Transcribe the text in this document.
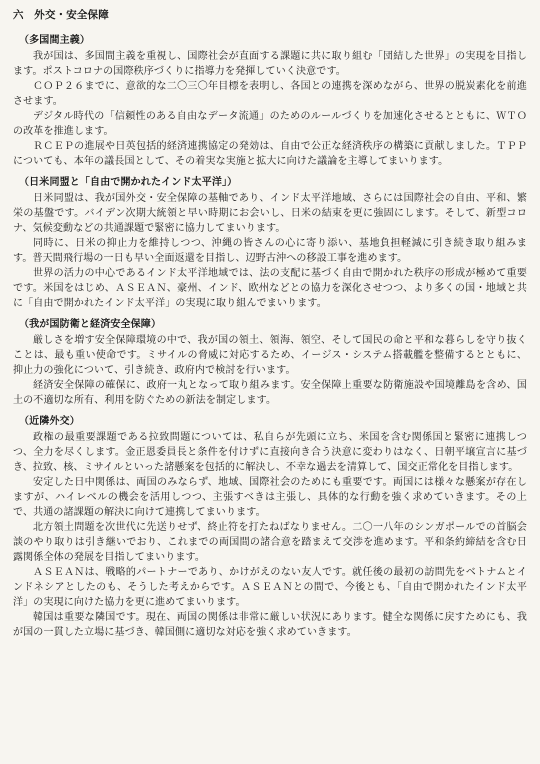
六　外交・安全保障
（多国間主義）

我が国は、多国間主義を重視し、国際社会が直面する課題に共に取り組む「団結した世界」の実現を目指します。ポストコロナの国際秩序づくりに指導力を発揮していく決意です。

ＣＯＰ２６までに、意欲的な二〇三〇年目標を表明し、各国との連携を深めながら、世界の脱炭素化を前進させます。

デジタル時代の「信頼性のある自由なデータ流通」のためのルールづくりを加速化させるとともに、ＷＴＯの改革を推進します。

ＲＣＥＰの進展や日英包括的経済連携協定の発効は、自由で公正な経済秩序の構築に貢献しました。ＴＰＰについても、本年の議長国として、その着実な実施と拡大に向けた議論を主導してまいります。

（日米同盟と「自由で開かれたインド太平洋」）

日米同盟は、我が国外交・安全保障の基軸であり、インド太平洋地域、さらには国際社会の自由、平和、繁栄の基盤です。バイデン次期大統領と早い時期にお会いし、日米の結束を更に強固にします。そして、新型コロナ、気候変動などの共通課題で緊密に協力してまいります。

同時に、日米の抑止力を維持しつつ、沖縄の皆さんの心に寄り添い、基地負担軽減に引き続き取り組みます。普天間飛行場の一日も早い全面返還を目指し、辺野古沖への移設工事を進めます。

世界の活力の中心であるインド太平洋地域では、法の支配に基づく自由で開かれた秩序の形成が極めて重要です。米国をはじめ、ＡＳＥＡＮ、豪州、インド、欧州などとの協力を深化させつつ、より多くの国・地域と共に「自由で開かれたインド太平洋」の実現に取り組んでまいります。

（我が国防衛と経済安全保障）

厳しさを増す安全保障環境の中で、我が国の領土、領海、領空、そして国民の命と平和な暮らしを守り抜くことは、最も重い使命です。ミサイルの脅威に対応するため、イージス・システム搭載艦を整備するとともに、抑止力の強化について、引き続き、政府内で検討を行います。

経済安全保障の確保に、政府一丸となって取り組みます。安全保障上重要な防衛施設や国境離島を含め、国土の不適切な所有、利用を防ぐための新法を制定します。

（近隣外交）

政権の最重要課題である拉致問題については、私自らが先頭に立ち、米国を含む関係国と緊密に連携しつつ、全力を尽くします。金正恩委員長と条件を付けずに直接向き合う決意に変わりはなく、日朝平壌宣言に基づき、拉致、核、ミサイルといった諸懸案を包括的に解決し、不幸な過去を清算して、国交正常化を目指します。

安定した日中関係は、両国のみならず、地域、国際社会のためにも重要です。両国には様々な懸案が存在しますが、ハイレベルの機会を活用しつつ、主張すべきは主張し、具体的な行動を強く求めていきます。その上で、共通の諸課題の解決に向けて連携してまいります。

北方領土問題を次世代に先送りせず、終止符を打たねばなりません。二〇一八年のシンガポールでの首脳会談のやり取りは引き継いでおり、これまでの両国間の諸合意を踏まえて交渉を進めます。平和条約締結を含む日露関係全体の発展を目指してまいります。

ＡＳＥＡＮは、戦略的パートナーであり、かけがえのない友人です。就任後の最初の訪問先をベトナムとインドネシアとしたのも、そうした考えからです。ＡＳＥＡＮとの間で、今後とも、「自由で開かれたインド太平洋」の実現に向けた協力を更に進めてまいります。

韓国は重要な隣国です。現在、両国の関係は非常に厳しい状況にあります。健全な関係に戻すためにも、我が国の一貫した立場に基づき、韓国側に適切な対応を強く求めていきます。
